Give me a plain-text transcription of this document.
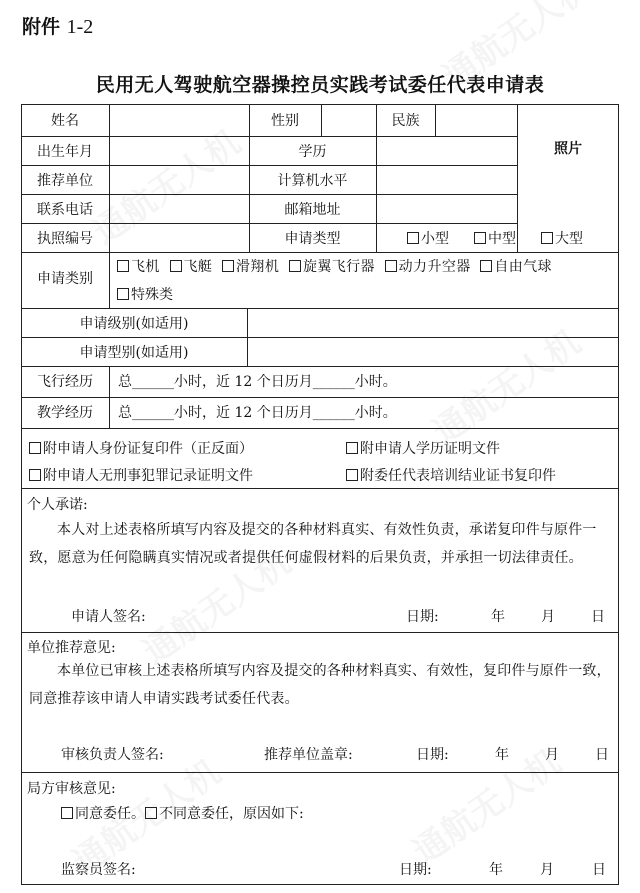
附件 1-2
民用无人驾驶航空器操控员实践考试委任代表申请表
姓名	性别	民族
照片
出生年月	学历
推荐单位	计算机水平
联系电话	邮箱地址
执照编号	申请类型	小型	中型	大型
申请类别
飞机 飞艇 滑翔机 旋翼飞行器 动力升空器 自由气球
特殊类
申请级别(如适用)
申请型别(如适用)
飞行经历	总______小时，近 12 个日历月______小时。
教学经历	总______小时，近 12 个日历月______小时。
附申请人身份证复印件（正反面）	附申请人学历证明文件
附申请人无刑事犯罪记录证明文件	附委任代表培训结业证书复印件
个人承诺:
本人对上述表格所填写内容及提交的各种材料真实、有效性负责，承诺复印件与原件一致，愿意为任何隐瞒真实情况或者提供任何虚假材料的后果负责，并承担一切法律责任。
申请人签名:	日期:	年	月	日
单位推荐意见:
本单位已审核上述表格所填写内容及提交的各种材料真实、有效性，复印件与原件一致，同意推荐该申请人申请实践考试委任代表。
审核负责人签名:	推荐单位盖章:	日期:	年	月	日
局方审核意见:
同意委任。 不同意委任，原因如下:
监察员签名:	日期:	年	月	日
